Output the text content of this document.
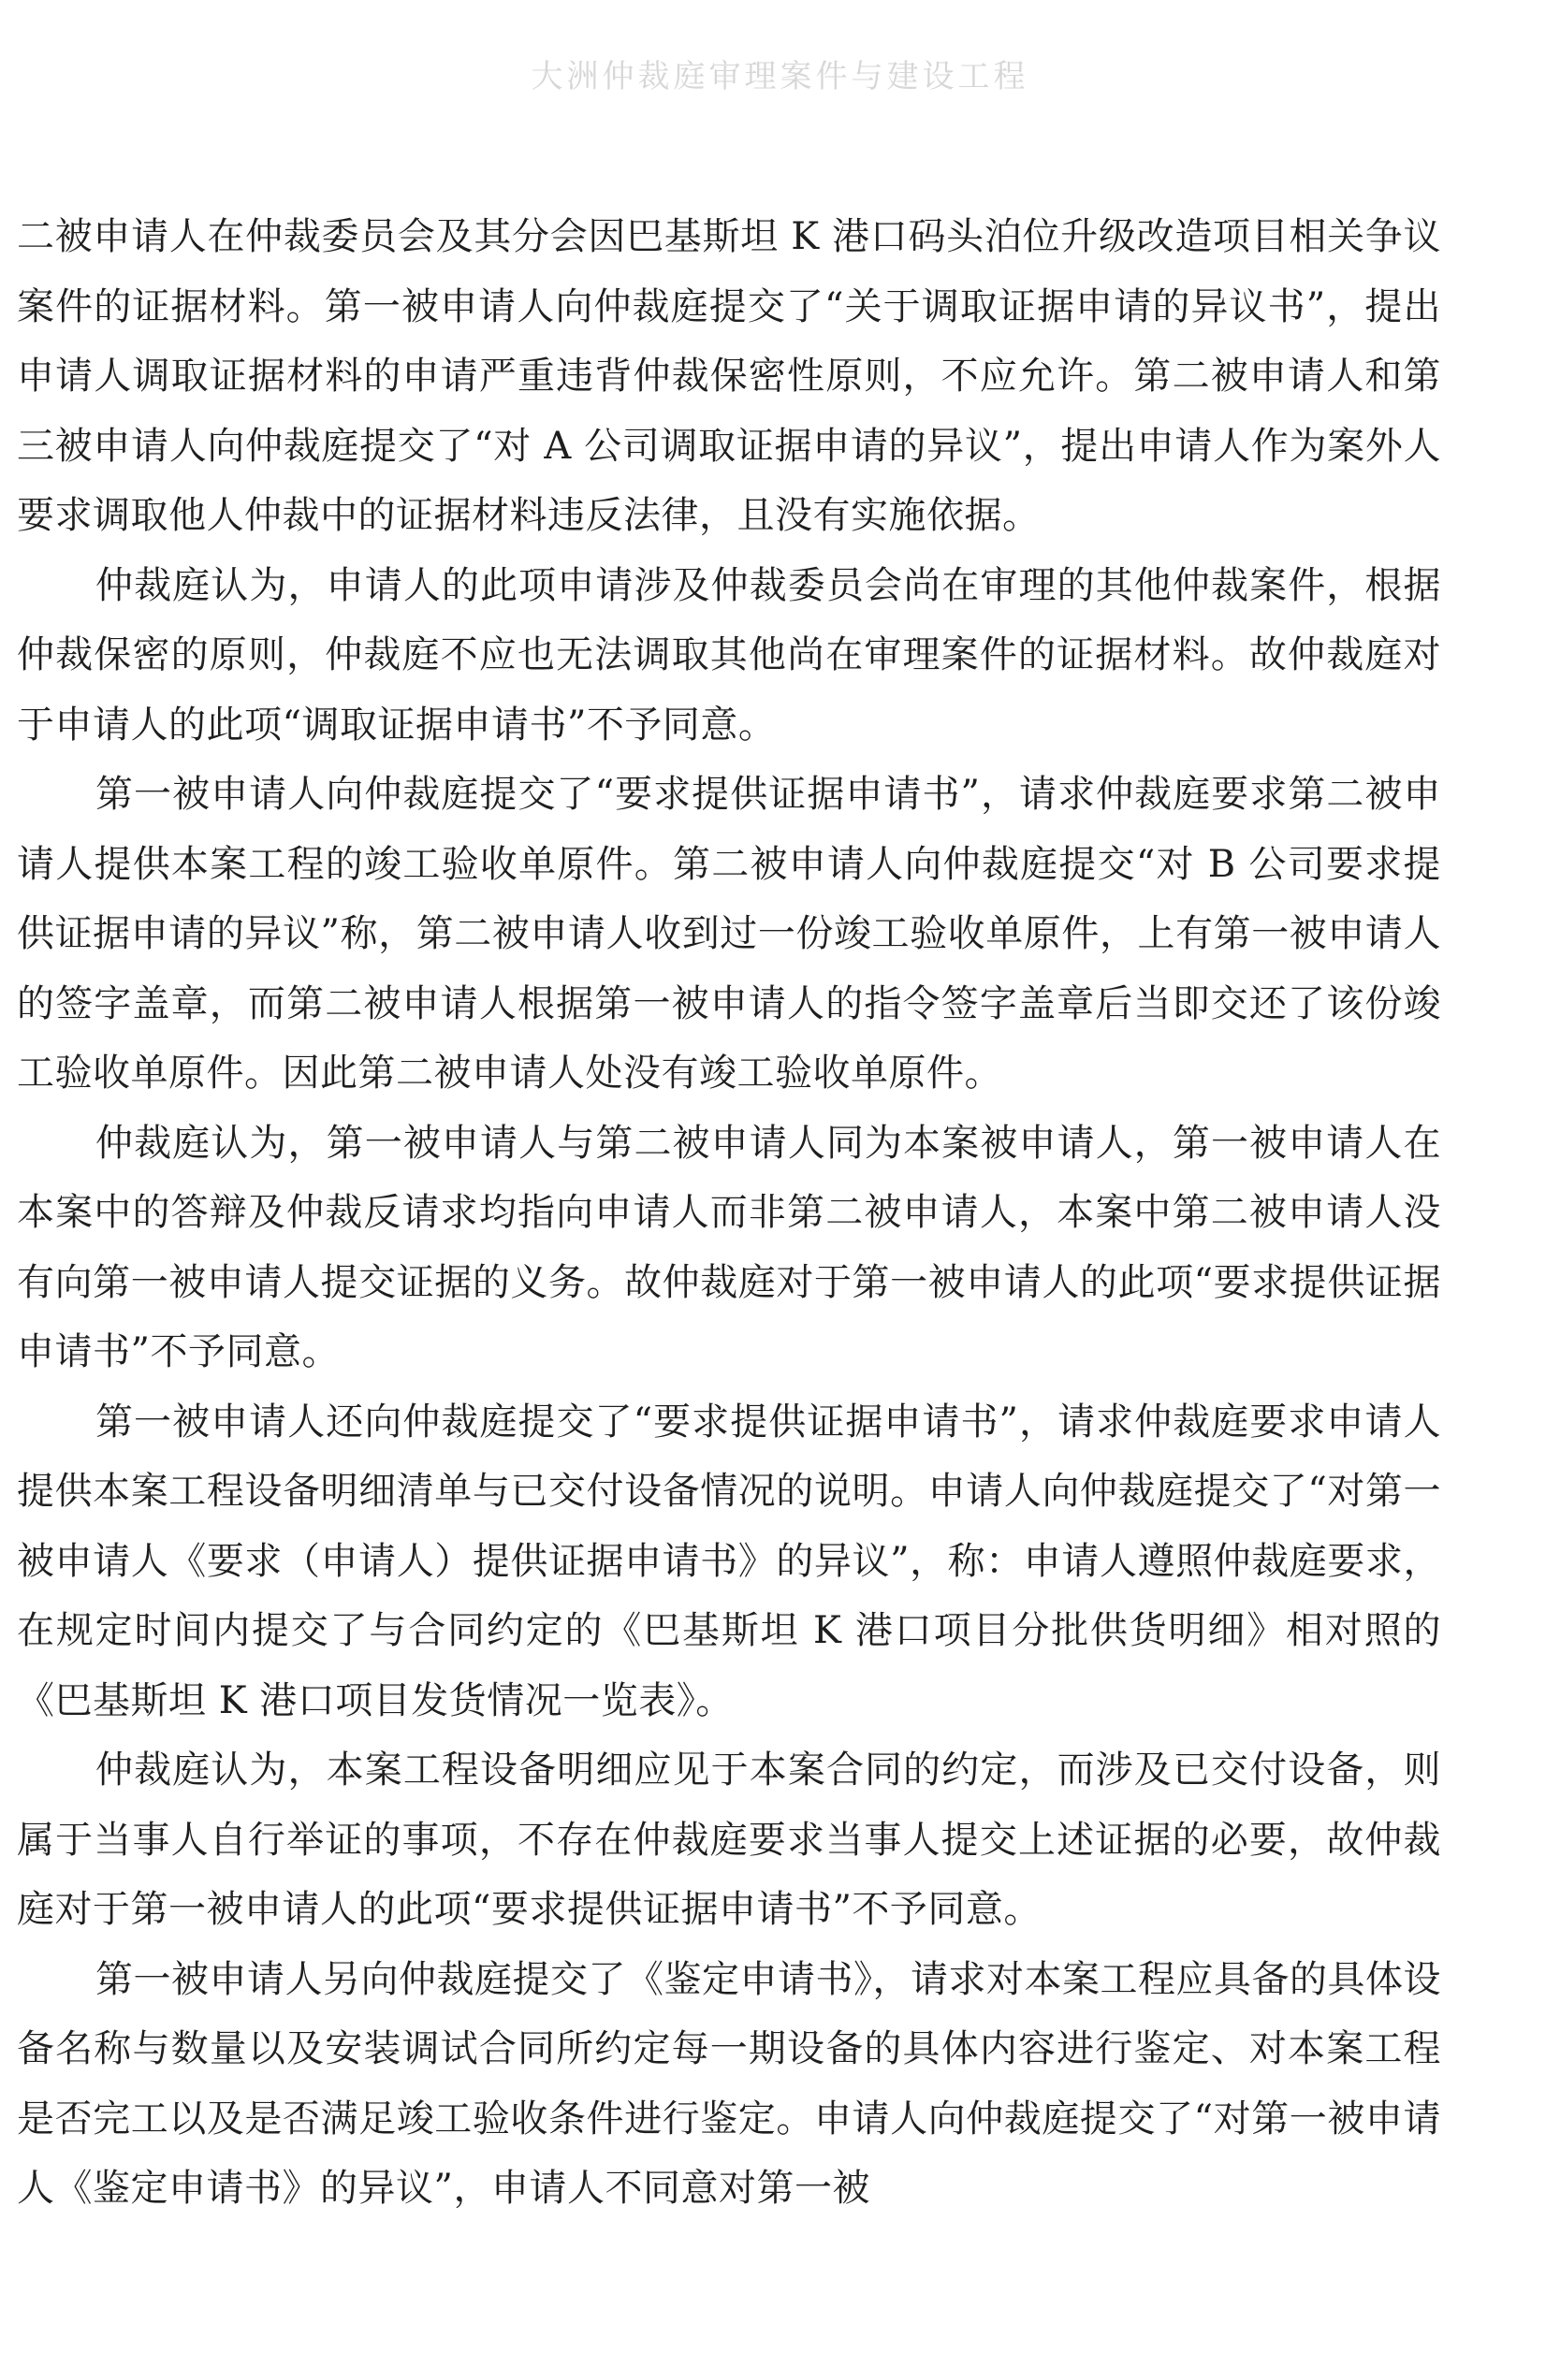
大洲仲裁庭审理案件与建设工程

二被申请人在仲裁委员会及其分会因巴基斯坦 K 港口码头泊位升级改造项目相关争议案件的证据材料。第一被申请人向仲裁庭提交了“关于调取证据申请的异议书”，提出申请人调取证据材料的申请严重违背仲裁保密性原则，不应允许。第二被申请人和第三被申请人向仲裁庭提交了“对 A 公司调取证据申请的异议”，提出申请人作为案外人要求调取他人仲裁中的证据材料违反法律，且没有实施依据。

仲裁庭认为，申请人的此项申请涉及仲裁委员会尚在审理的其他仲裁案件，根据仲裁保密的原则，仲裁庭不应也无法调取其他尚在审理案件的证据材料。故仲裁庭对于申请人的此项“调取证据申请书”不予同意。

第一被申请人向仲裁庭提交了“要求提供证据申请书”，请求仲裁庭要求第二被申请人提供本案工程的竣工验收单原件。第二被申请人向仲裁庭提交“对 B 公司要求提供证据申请的异议”称，第二被申请人收到过一份竣工验收单原件，上有第一被申请人的签字盖章，而第二被申请人根据第一被申请人的指令签字盖章后当即交还了该份竣工验收单原件。因此第二被申请人处没有竣工验收单原件。

仲裁庭认为，第一被申请人与第二被申请人同为本案被申请人，第一被申请人在本案中的答辩及仲裁反请求均指向申请人而非第二被申请人，本案中第二被申请人没有向第一被申请人提交证据的义务。故仲裁庭对于第一被申请人的此项“要求提供证据申请书”不予同意。

第一被申请人还向仲裁庭提交了“要求提供证据申请书”，请求仲裁庭要求申请人提供本案工程设备明细清单与已交付设备情况的说明。申请人向仲裁庭提交了“对第一被申请人《要求（申请人）提供证据申请书》的异议”，称：申请人遵照仲裁庭要求，在规定时间内提交了与合同约定的《巴基斯坦 K 港口项目分批供货明细》相对照的《巴基斯坦 K 港口项目发货情况一览表》。

仲裁庭认为，本案工程设备明细应见于本案合同的约定，而涉及已交付设备，则属于当事人自行举证的事项，不存在仲裁庭要求当事人提交上述证据的必要，故仲裁庭对于第一被申请人的此项“要求提供证据申请书”不予同意。

第一被申请人另向仲裁庭提交了《鉴定申请书》，请求对本案工程应具备的具体设备名称与数量以及安装调试合同所约定每一期设备的具体内容进行鉴定、对本案工程是否完工以及是否满足竣工验收条件进行鉴定。申请人向仲裁庭提交了“对第一被申请人《鉴定申请书》的异议”，申请人不同意对第一被
